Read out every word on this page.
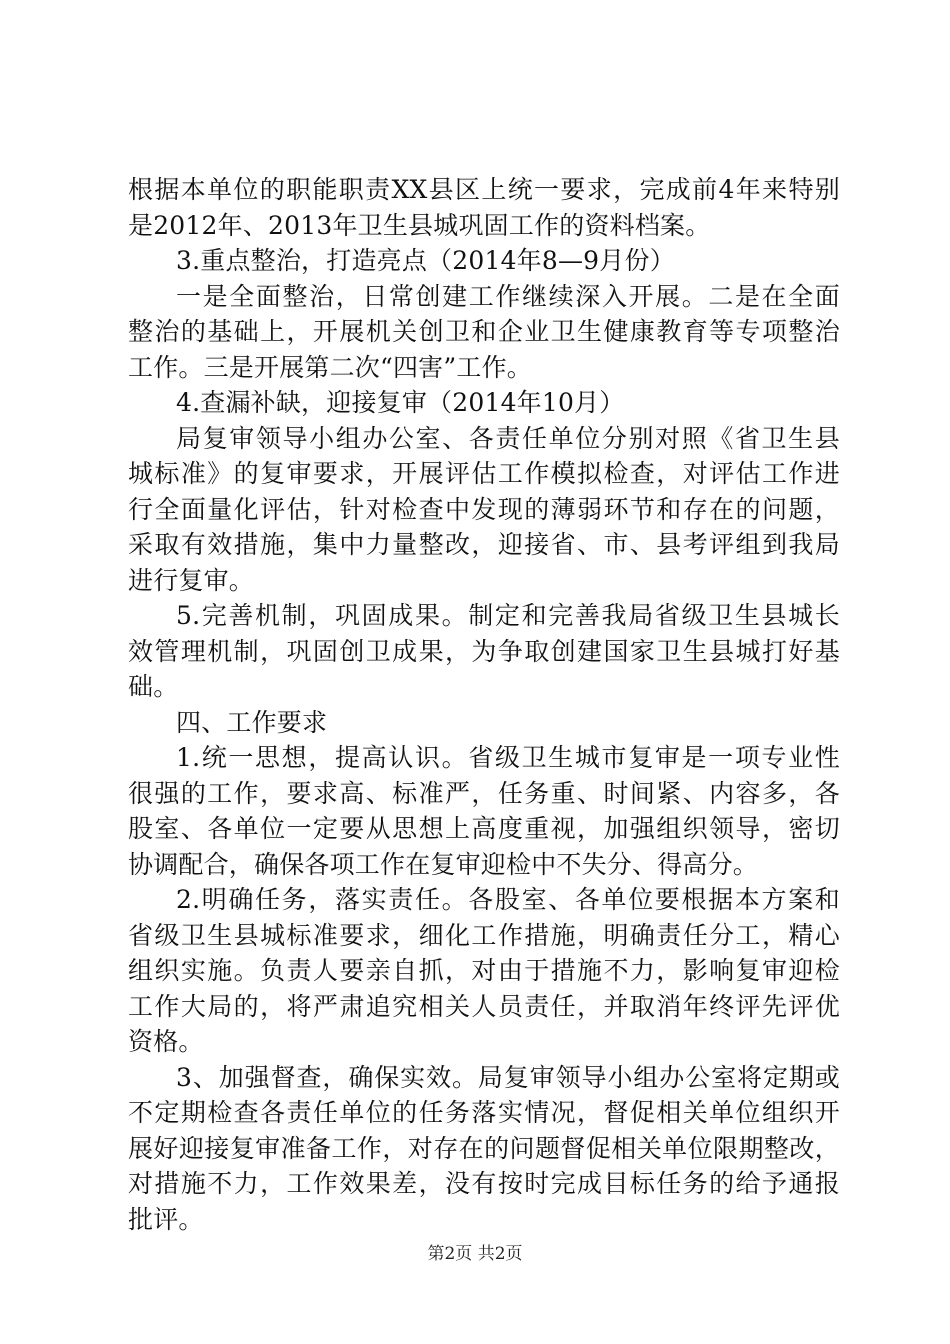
根据本单位的职能职责XX县区上统一要求，完成前4年来特别
是2012年、2013年卫生县城巩固工作的资料档案。
3.重点整治，打造亮点（2014年8—9月份）
一是全面整治，日常创建工作继续深入开展。二是在全面
整治的基础上，开展机关创卫和企业卫生健康教育等专项整治
工作。三是开展第二次“四害”工作。
4.查漏补缺，迎接复审（2014年10月）
局复审领导小组办公室、各责任单位分别对照《省卫生县
城标准》的复审要求，开展评估工作模拟检查，对评估工作进
行全面量化评估，针对检查中发现的薄弱环节和存在的问题，
采取有效措施，集中力量整改，迎接省、市、县考评组到我局
进行复审。
5.完善机制，巩固成果。制定和完善我局省级卫生县城长
效管理机制，巩固创卫成果，为争取创建国家卫生县城打好基
础。
四、工作要求
1.统一思想，提高认识。省级卫生城市复审是一项专业性
很强的工作，要求高、标准严，任务重、时间紧、内容多，各
股室、各单位一定要从思想上高度重视，加强组织领导，密切
协调配合，确保各项工作在复审迎检中不失分、得高分。
2.明确任务，落实责任。各股室、各单位要根据本方案和
省级卫生县城标准要求，细化工作措施，明确责任分工，精心
组织实施。负责人要亲自抓，对由于措施不力，影响复审迎检
工作大局的，将严肃追究相关人员责任，并取消年终评先评优
资格。
3、加强督查，确保实效。局复审领导小组办公室将定期或
不定期检查各责任单位的任务落实情况，督促相关单位组织开
展好迎接复审准备工作，对存在的问题督促相关单位限期整改，
对措施不力，工作效果差，没有按时完成目标任务的给予通报
批评。
第2页 共2页
